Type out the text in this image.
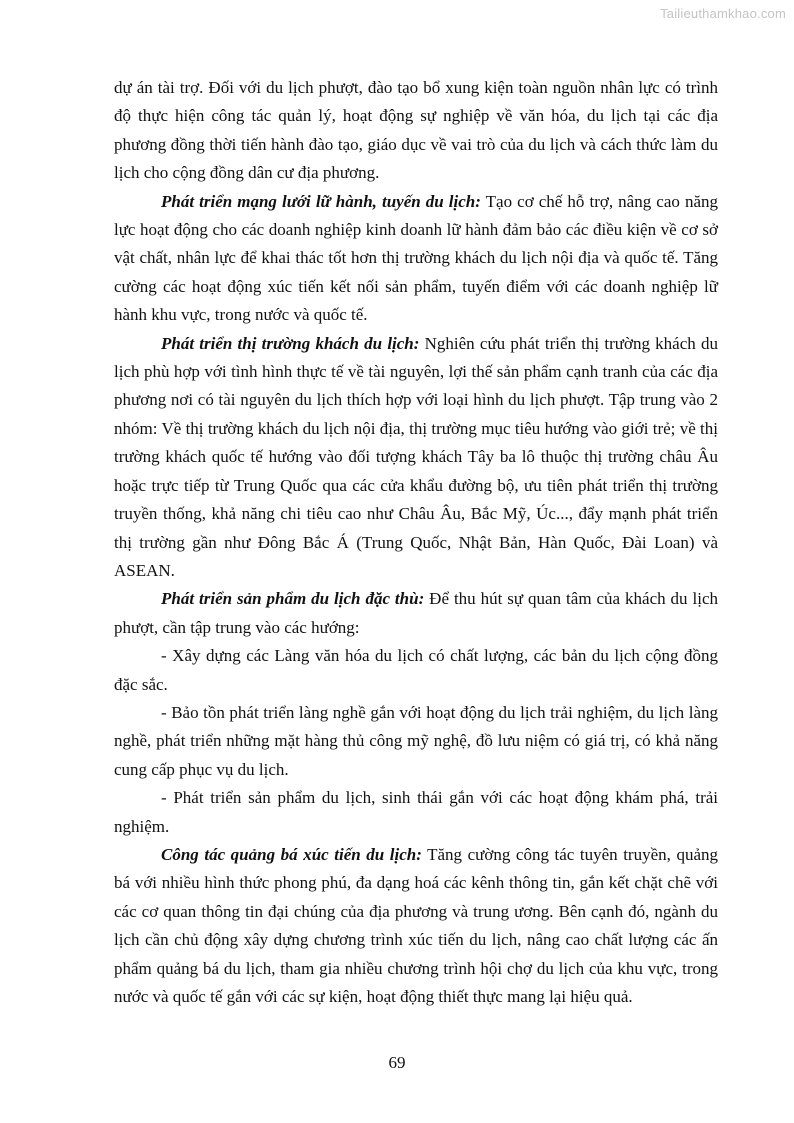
Tailieuthamkhao.com

dự án tài trợ. Đối với du lịch phượt, đào tạo bổ xung kiện toàn nguồn nhân lực có trình độ thực hiện công tác quản lý, hoạt động sự nghiệp về văn hóa, du lịch tại các địa phương đồng thời tiến hành đào tạo, giáo dục về vai trò của du lịch và cách thức làm du lịch cho cộng đồng dân cư địa phương.

Phát triển mạng lưới lữ hành, tuyến du lịch: Tạo cơ chế hỗ trợ, nâng cao năng lực hoạt động cho các doanh nghiệp kinh doanh lữ hành đảm bảo các điều kiện về cơ sở vật chất, nhân lực để khai thác tốt hơn thị trường khách du lịch nội địa và quốc tế. Tăng cường các hoạt động xúc tiến kết nối sản phẩm, tuyến điểm với các doanh nghiệp lữ hành khu vực, trong nước và quốc tế.

Phát triển thị trường khách du lịch: Nghiên cứu phát triển thị trường khách du lịch phù hợp với tình hình thực tế về tài nguyên, lợi thế sản phẩm cạnh tranh của các địa phương nơi có tài nguyên du lịch thích hợp với loại hình du lịch phượt. Tập trung vào 2 nhóm: Về thị trường khách du lịch nội địa, thị trường mục tiêu hướng vào giới trẻ; về thị trường khách quốc tế hướng vào đối tượng khách Tây ba lô thuộc thị trường châu Âu hoặc trực tiếp từ Trung Quốc qua các cửa khẩu đường bộ, ưu tiên phát triển thị trường truyền thống, khả năng chi tiêu cao như Châu Âu, Bắc Mỹ, Úc..., đẩy mạnh phát triển thị trường gần như Đông Bắc Á (Trung Quốc, Nhật Bản, Hàn Quốc, Đài Loan) và ASEAN.

Phát triển sản phẩm du lịch đặc thù: Để thu hút sự quan tâm của khách du lịch phượt, cần tập trung vào các hướng:

- Xây dựng các Làng văn hóa du lịch có chất lượng, các bản du lịch cộng đồng đặc sắc.

- Bảo tồn phát triển làng nghề gắn với hoạt động du lịch trải nghiệm, du lịch làng nghề, phát triển những mặt hàng thủ công mỹ nghệ, đồ lưu niệm có giá trị, có khả năng cung cấp phục vụ du lịch.

- Phát triển sản phẩm du lịch, sinh thái gắn với các hoạt động khám phá, trải nghiệm.

Công tác quảng bá xúc tiến du lịch: Tăng cường công tác tuyên truyền, quảng bá với nhiều hình thức phong phú, đa dạng hoá các kênh thông tin, gắn kết chặt chẽ với các cơ quan thông tin đại chúng của địa phương và trung ương. Bên cạnh đó, ngành du lịch cần chủ động xây dựng chương trình xúc tiến du lịch, nâng cao chất lượng các ấn phẩm quảng bá du lịch, tham gia nhiều chương trình hội chợ du lịch của khu vực, trong nước và quốc tế gắn với các sự kiện, hoạt động thiết thực mang lại hiệu quả.

69
